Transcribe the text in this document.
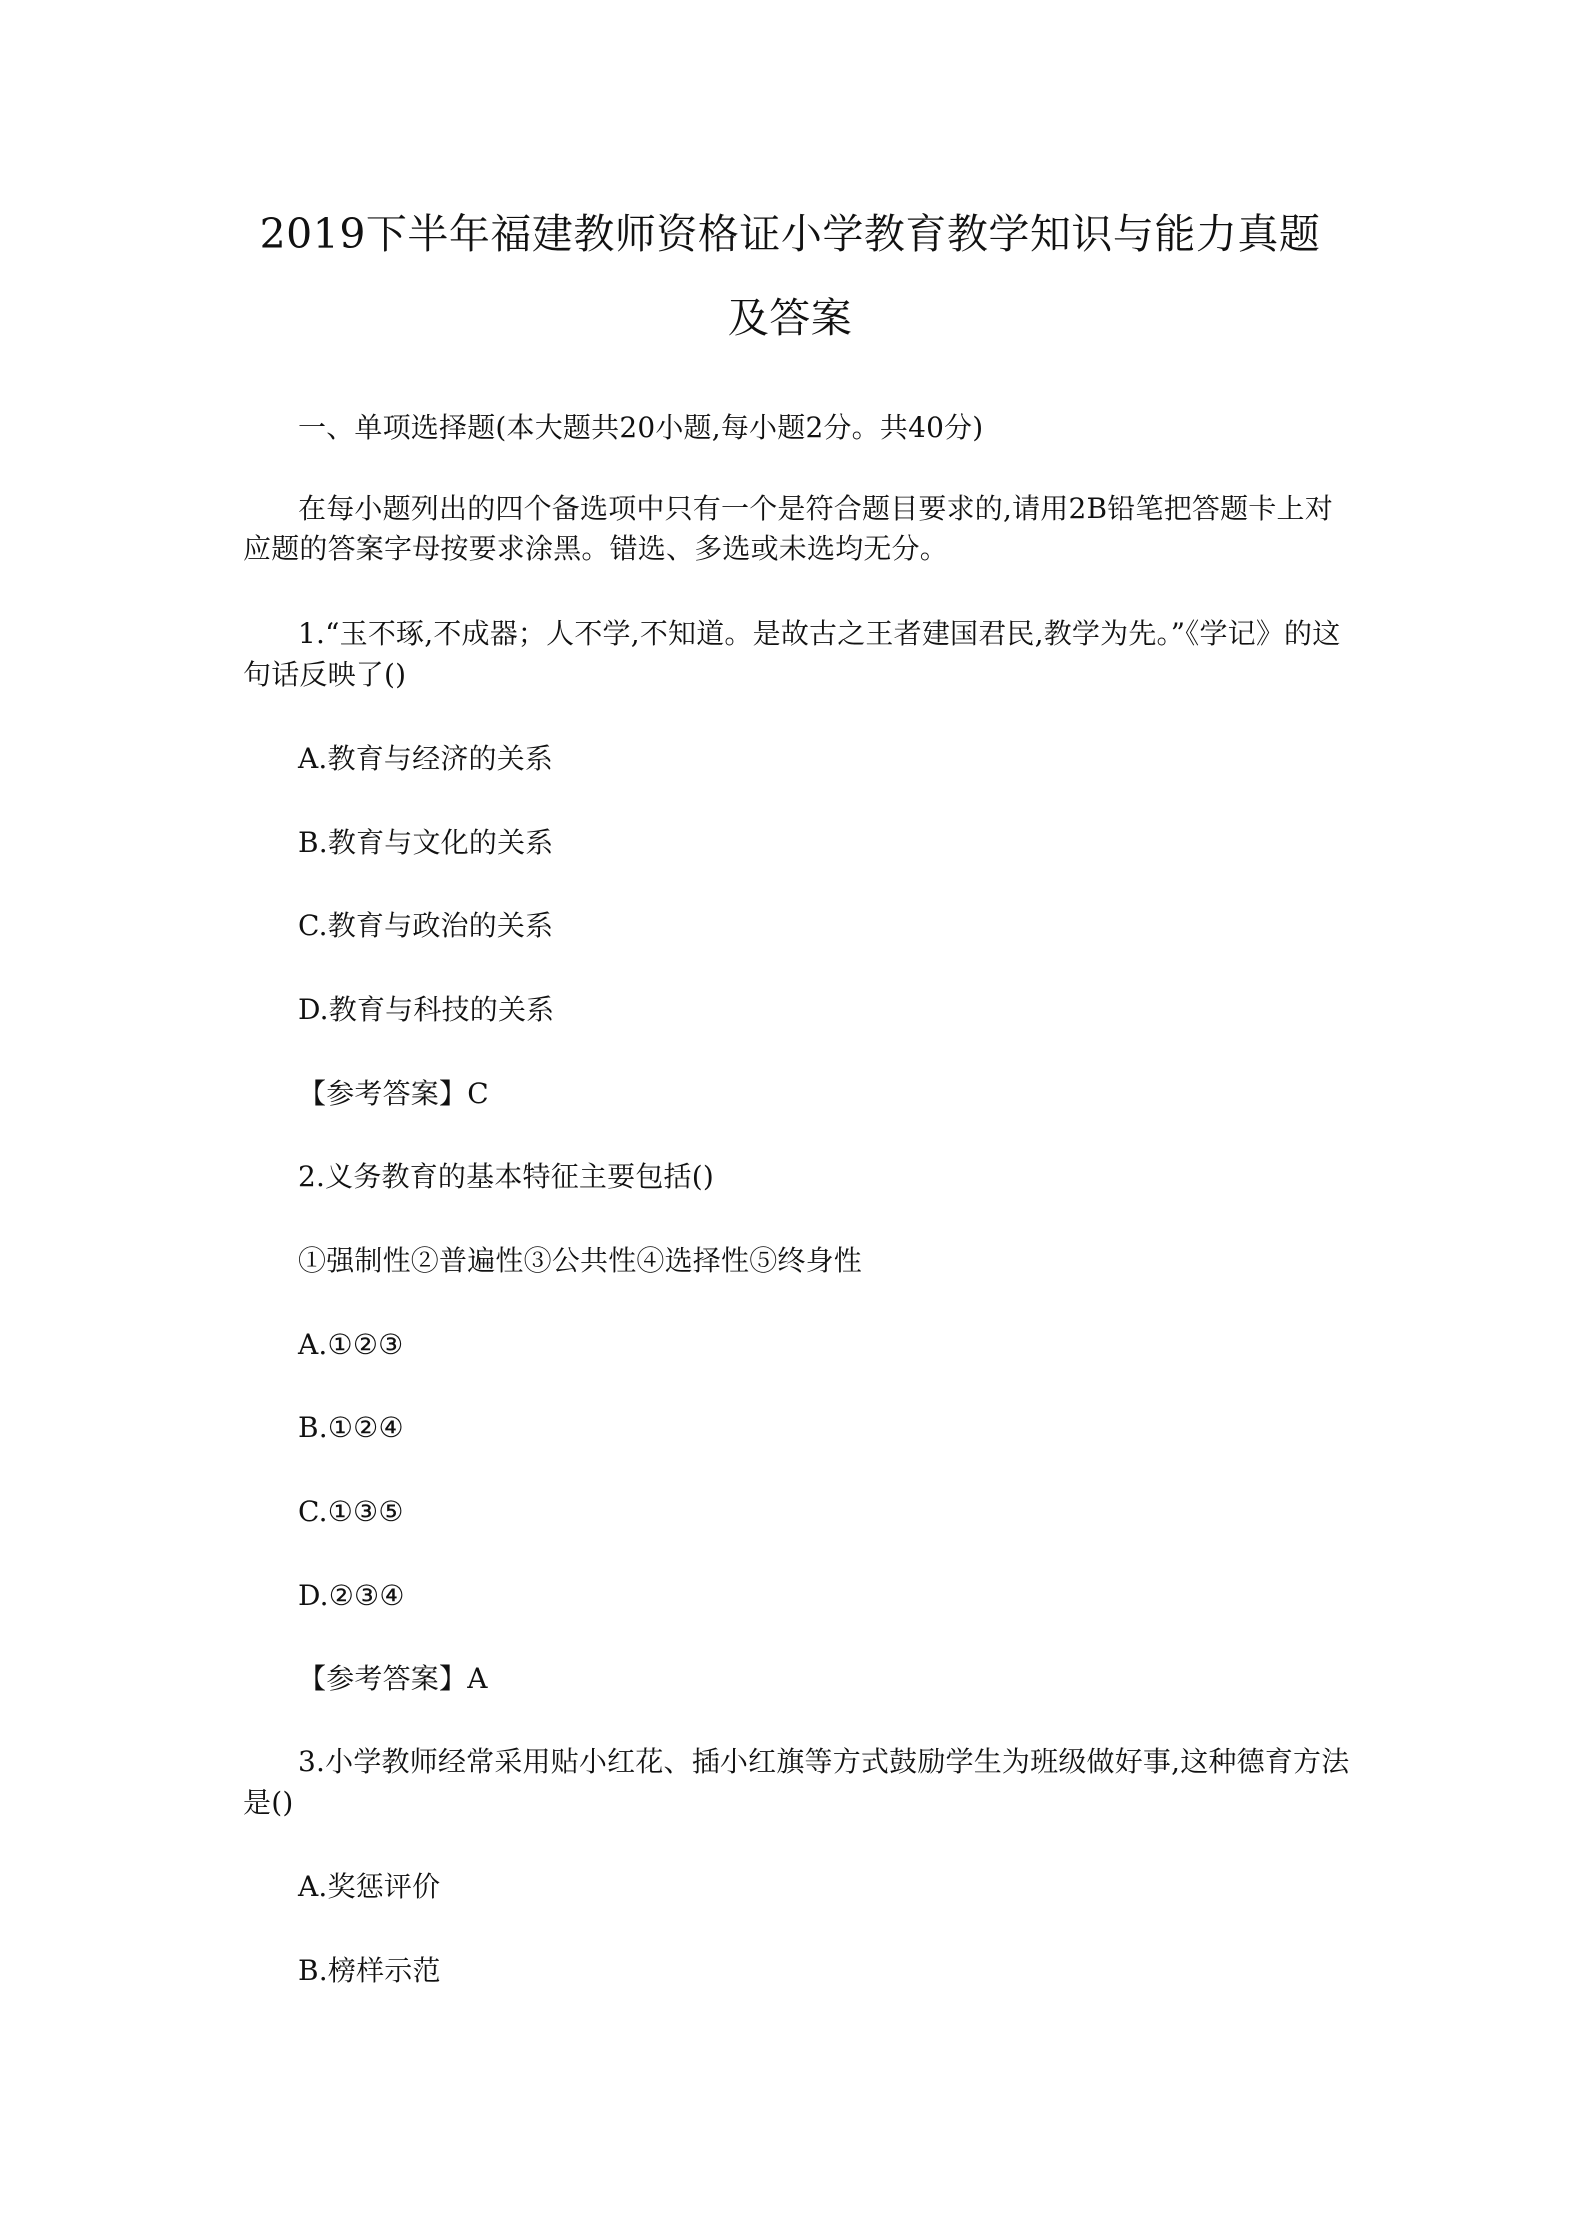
2019下半年福建教师资格证小学教育教学知识与能力真题
及答案
一、单项选择题(本大题共20小题,每小题2分。共40分)
在每小题列出的四个备选项中只有一个是符合题目要求的,请用2B铅笔把答题卡上对
应题的答案字母按要求涂黑。错选、多选或未选均无分。
1.“玉不琢,不成器；人不学,不知道。是故古之王者建国君民,教学为先。”《学记》的这
句话反映了()
A.教育与经济的关系
B.教育与文化的关系
C.教育与政治的关系
D.教育与科技的关系
【参考答案】C
2.义务教育的基本特征主要包括()
①强制性②普遍性③公共性④选择性⑤终身性
A.①②③
B.①②④
C.①③⑤
D.②③④
【参考答案】A
3.小学教师经常采用贴小红花、插小红旗等方式鼓励学生为班级做好事,这种德育方法
是()
A.奖惩评价
B.榜样示范
